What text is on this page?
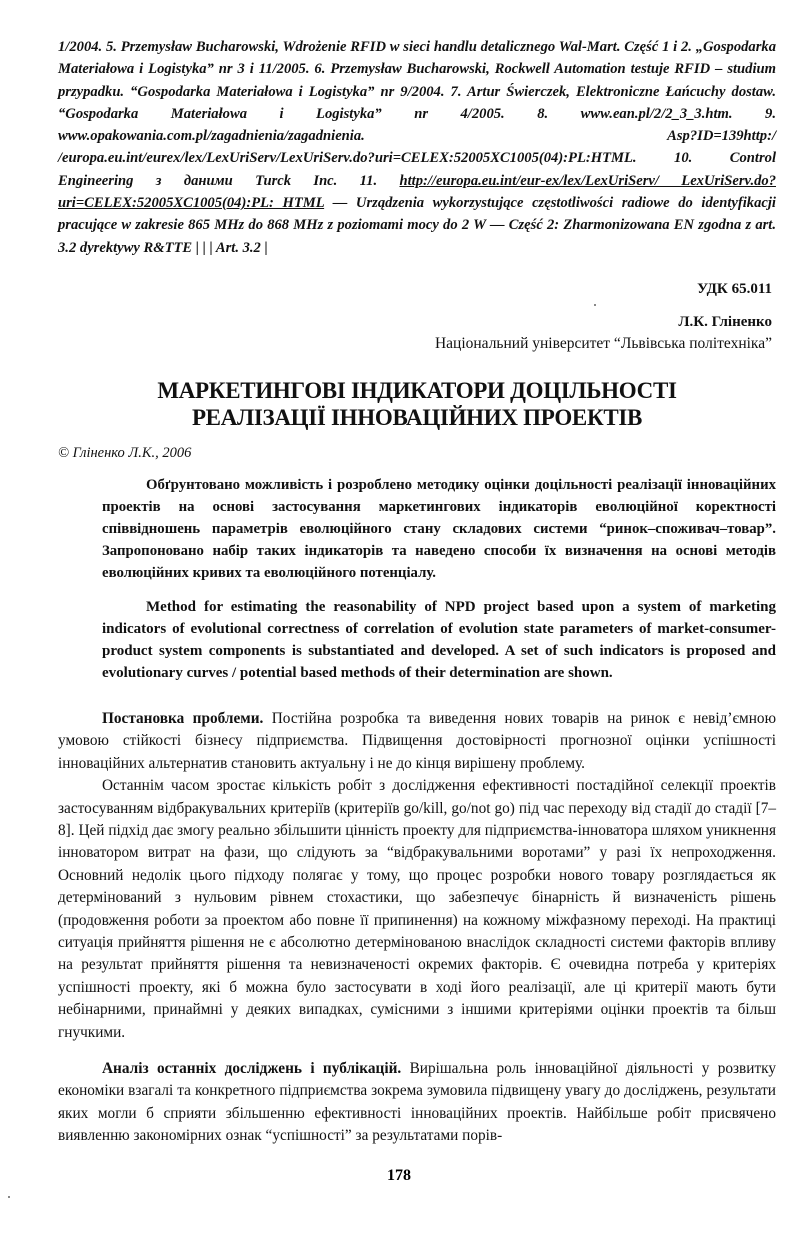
1/2004. 5. Przemysław Bucharowski, Wdrożenie RFID w sieci handlu detalicznego Wal-Mart. Część 1 i 2. „Gospodarka Materiałowa i Logistyka” nr 3 i 11/2005. 6. Przemysław Bucharowski, Rockwell Automation testuje RFID – studium przypadku. “Gospodarka Materiałowa i Logistyka” nr 9/2004. 7. Artur Świerczek, Elektroniczne Łańcuchy dostaw. “Gospodarka Materiałowa i Logistyka” nr 4/2005. 8. www.ean.pl/2/2_3_3.htm. 9. www.opakowania.com.pl/zagadnienia/zagadnienia. Asp?ID=139http:/ /europa.eu.int/eurex/lex/LexUriServ/LexUriServ.do?uri=CELEX:52005XC1005(04):PL:HTML. 10. Control Engineering з даними Turck Inc. 11. http://europa.eu.int/eur-ex/lex/LexUriServ/ LexUriServ.do?uri=CELEX:52005XC1005(04):PL: HTML — Urządzenia wykorzystujące częstotliwości radiowe do identyfikacji pracujące w zakresie 865 MHz do 868 MHz z poziomami mocy do 2 W — Część 2: Zharmonizowana EN zgodna z art. 3.2 dyrektywy R&TTE | | | Art. 3.2 |

УДК 65.011
Л.К. Гліненко
Національний університет “Львівська політехніка”
МАРКЕТИНГОВІ ІНДИКАТОРИ ДОЦІЛЬНОСТІ
РЕАЛІЗАЦІЇ ІННОВАЦІЙНИХ ПРОЕКТІВ
© Гліненко Л.К., 2006

Обґрунтовано можливість і розроблено методику оцінки доцільності реалізації інноваційних проектів на основі застосування маркетингових індикаторів еволюційної коректності співвідношень параметрів еволюційного стану складових системи “ринок–споживач–товар”. Запропоновано набір таких індикаторів та наведено способи їх визначення на основі методів еволюційних кривих та еволюційного потенціалу.

Method for estimating the reasonability of NPD project based upon a system of marketing indicators of evolutional correctness of correlation of evolution state parameters of market-consumer-product system components is substantiated and developed. A set of such indicators is proposed and evolutionary curves / potential based methods of their determination are shown.

Постановка проблеми. Постійна розробка та виведення нових товарів на ринок є невід’ємною умовою стійкості бізнесу підприємства. Підвищення достовірності прогнозної оцінки успішності інноваційних альтернатив становить актуальну і не до кінця вирішену проблему.

Останнім часом зростає кількість робіт з дослідження ефективності постадійної селекції проектів застосуванням відбракувальних критеріїв (критеріїв go/kill, go/not go) під час переходу від стадії до стадії [7–8]. Цей підхід дає змогу реально збільшити цінність проекту для підприємства-інноватора шляхом уникнення інноватором витрат на фази, що слідують за “відбракувальними воротами” у разі їх непроходження. Основний недолік цього підходу полягає у тому, що процес розробки нового товару розглядається як детермінований з нульовим рівнем стохастики, що забезпечує бінарність й визначеність рішень (продовження роботи за проектом або повне її припинення) на кожному міжфазному переході. На практиці ситуація прийняття рішення не є абсолютно детермінованою внаслідок складності системи факторів впливу на результат прийняття рішення та невизначеності окремих факторів. Є очевидна потреба у критеріях успішності проекту, які б можна було застосувати в ході його реалізації, але ці критерії мають бути небінарними, принаймні у деяких випадках, сумісними з іншими критеріями оцінки проектів та більш гнучкими.

Аналіз останніх досліджень і публікацій. Вирішальна роль інноваційної діяльності у розвитку економіки взагалі та конкретного підприємства зокрема зумовила підвищену увагу до досліджень, результати яких могли б сприяти збільшенню ефективності інноваційних проектів. Найбільше робіт присвячено виявленню закономірних ознак “успішності” за результатами порів-

178
